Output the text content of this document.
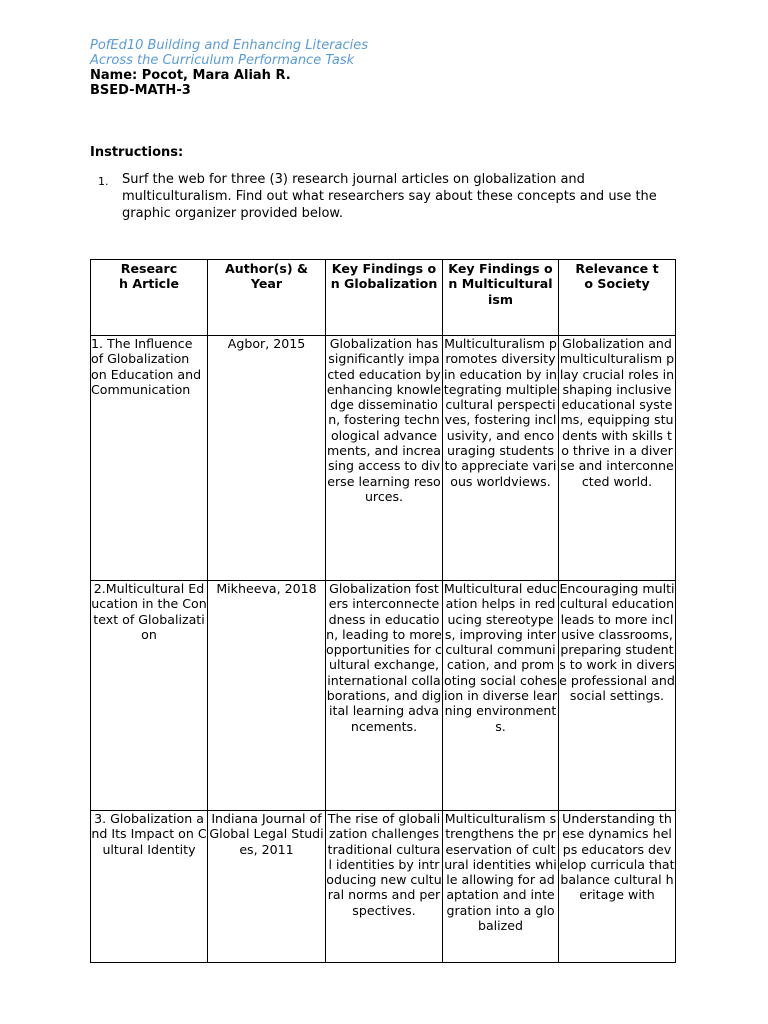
PofEd10 Building and Enhancing Literacies
Across the Curriculum Performance Task
Name: Pocot, Mara Aliah R.
BSED-MATH-3
Instructions:
1. Surf the web for three (3) research journal articles on globalization and multiculturalism. Find out what researchers say about these concepts and use the graphic organizer provided below.
Research Article	Author(s) & Year	Key Findings on Globalization	Key Findings on Multiculturalism	Relevance to Society

1. The Influence of Globalization on Education and Communication	Agbor, 2015	Globalization has significantly impacted education by enhancing knowledge dissemination, fostering technological advancements, and increasing access to diverse learning resources.	Multiculturalism promotes diversity in education by integrating multiple cultural perspectives, fostering inclusivity, and encouraging students to appreciate various worldviews.	Globalization and multiculturalism play crucial roles in shaping inclusive educational systems, equipping students with skills to thrive in a diverse and interconnected world.
2.Multicultural Education in the Context of Globalization	Mikheeva, 2018	Globalization fosters interconnectedness in education, leading to more opportunities for cultural exchange, international collaborations, and digital learning advancements.	Multicultural education helps in reducing stereotypes, improving intercultural communication, and promoting social cohesion in diverse learning environments.	Encouraging multicultural education leads to more inclusive classrooms, preparing students to work in diverse professional and social settings.
3. Globalization and Its Impact on Cultural Identity	Indiana Journal of Global Legal Studies, 2011	The rise of globalization challenges traditional cultural identities by introducing new cultural norms and perspectives.	Multiculturalism strengthens the preservation of cultural identities while allowing for adaptation and integration into a globalized	Understanding these dynamics helps educators develop curricula that balance cultural heritage with
